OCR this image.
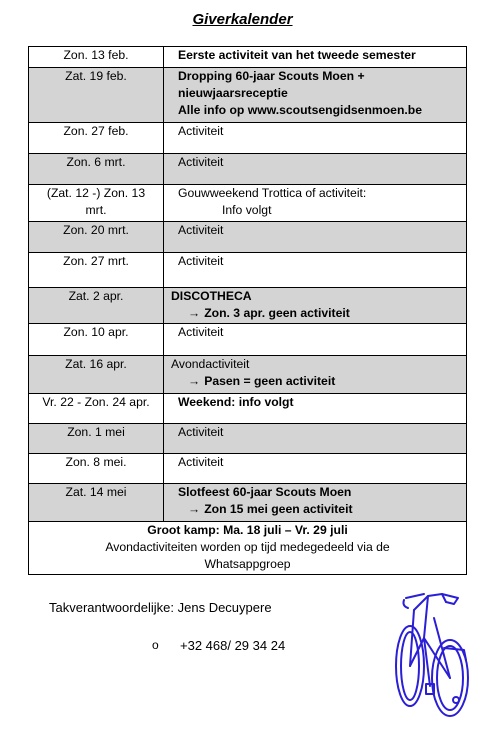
Giverkalender
Zon. 13 feb.	Eerste activiteit van het tweede semester

Zat. 19 feb.	Dropping 60-jaar Scouts Moen +
nieuwjaarsreceptie
Alle info op www.scoutsengidsenmoen.be

Zon. 27 feb.	Activiteit

Zon. 6 mrt.	Activiteit

(Zat. 12 -) Zon. 13
mrt.	Gouwweekend Trottica of activiteit:
Info volgt

Zon. 20 mrt.	Activiteit

Zon. 27 mrt.	Activiteit

Zat. 2 apr.	DISCOTHECA
→ Zon. 3 apr. geen activiteit

Zon. 10 apr.	Activiteit

Zat. 16 apr.	Avondactiviteit
→ Pasen = geen activiteit

Vr. 22 - Zon. 24 apr.	Weekend: info volgt

Zon. 1 mei	Activiteit

Zon. 8 mei.	Activiteit

Zat. 14 mei	Slotfeest 60-jaar Scouts Moen
→ Zon 15 mei geen activiteit

Groot kamp: Ma. 18 juli – Vr. 29 juli
Avondactiviteiten worden op tijd medegedeeld via de
Whatsappgroep	
Takverantwoordelijke: Jens Decuypere
o +32 468/ 29 34 24
